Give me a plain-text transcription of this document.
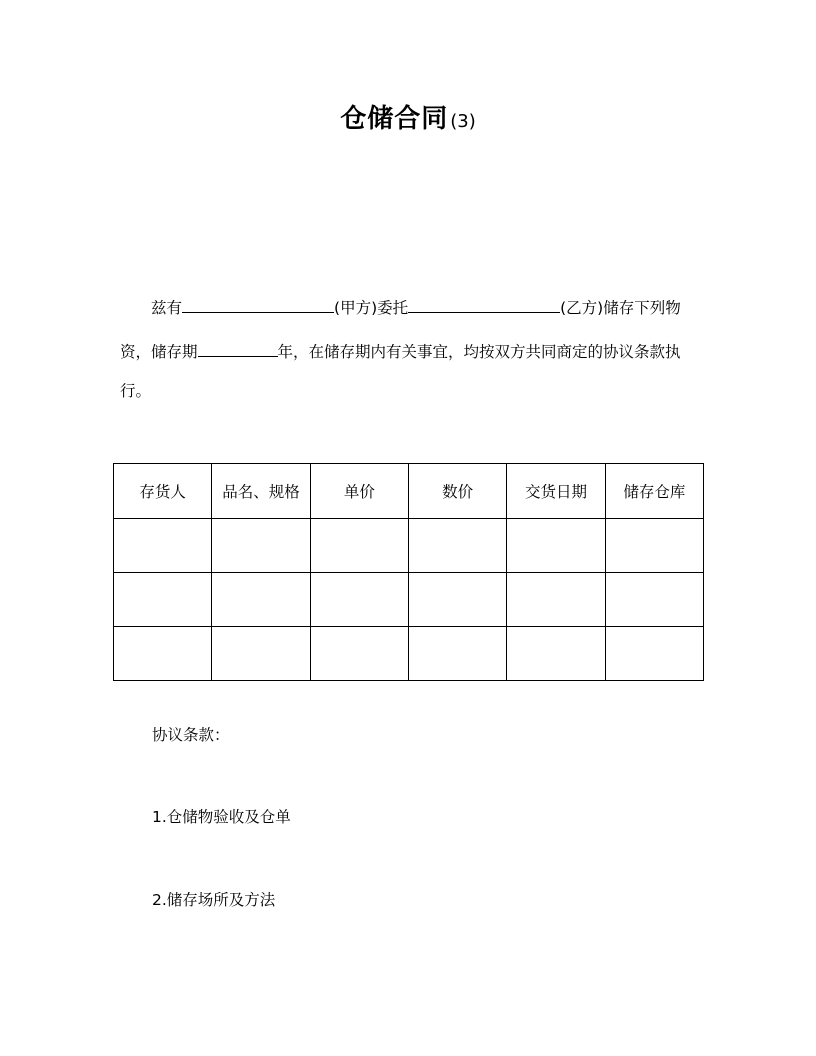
仓储合同 (3)
兹有	(甲方)委托	(乙方)储存下列物
资，储存期	年，在储存期内有关事宜，均按双方共同商定的协议条款执
行。
存货人	品名、规格	单价	数价	交货日期	储存仓库

协议条款：
1.仓储物验收及仓单
2.储存场所及方法
